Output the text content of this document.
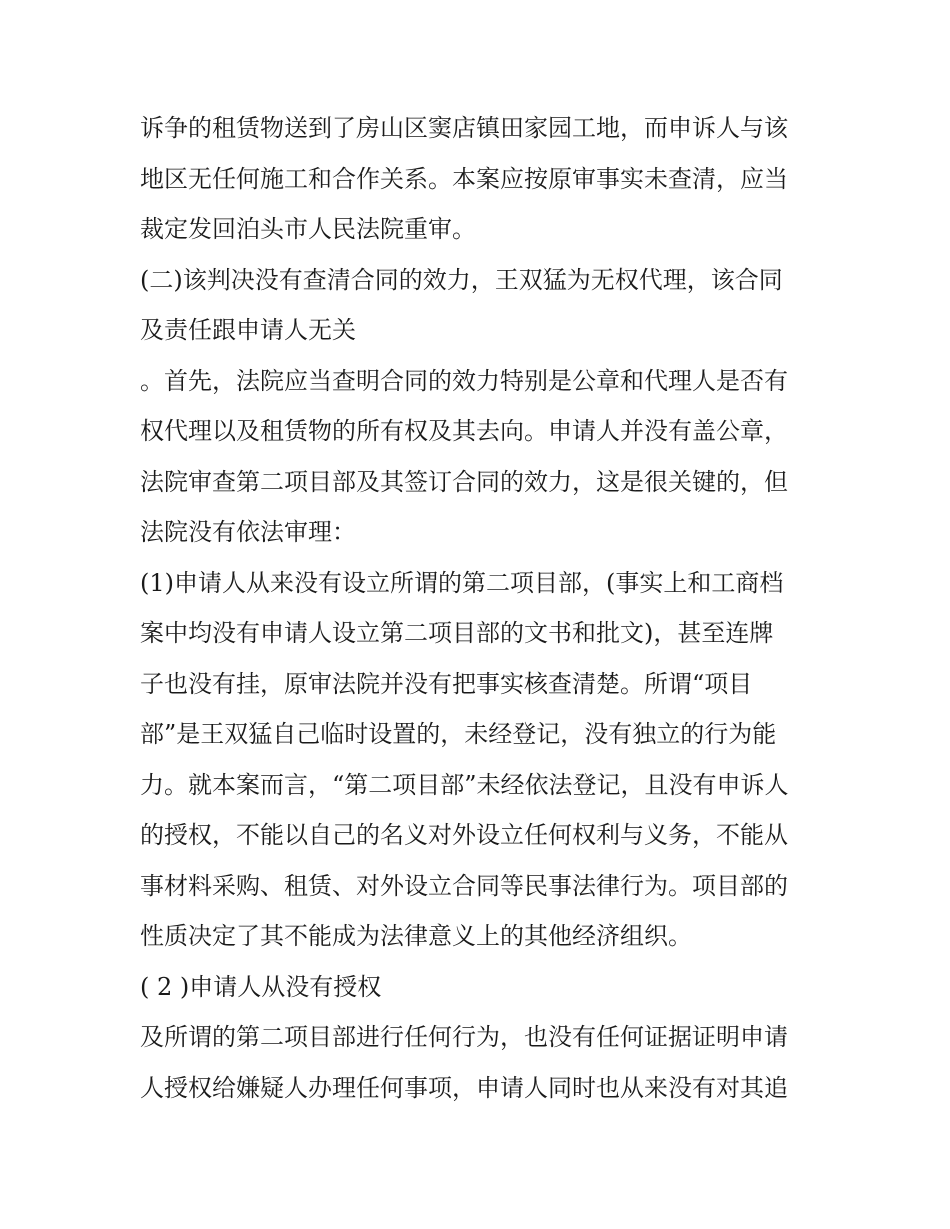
诉争的租赁物送到了房山区窦店镇田家园工地，而申诉人与该
地区无任何施工和合作关系。本案应按原审事实未查清，应当
裁定发回泊头市人民法院重审。
(二)该判决没有查清合同的效力，王双猛为无权代理，该合同
及责任跟申请人无关
。首先，法院应当查明合同的效力特别是公章和代理人是否有
权代理以及租赁物的所有权及其去向。申请人并没有盖公章，
法院审查第二项目部及其签订合同的效力，这是很关键的，但
法院没有依法审理：
(1)申请人从来没有设立所谓的第二项目部，(事实上和工商档
案中均没有申请人设立第二项目部的文书和批文)，甚至连牌
子也没有挂，原审法院并没有把事实核查清楚。所谓“项目
部”是王双猛自己临时设置的，未经登记，没有独立的行为能
力。就本案而言，“第二项目部”未经依法登记，且没有申诉人
的授权，不能以自己的名义对外设立任何权利与义务，不能从
事材料采购、租赁、对外设立合同等民事法律行为。项目部的
性质决定了其不能成为法律意义上的其他经济组织。
( 2 )申请人从没有授权
及所谓的第二项目部进行任何行为，也没有任何证据证明申请
人授权给嫌疑人办理任何事项，申请人同时也从来没有对其追
